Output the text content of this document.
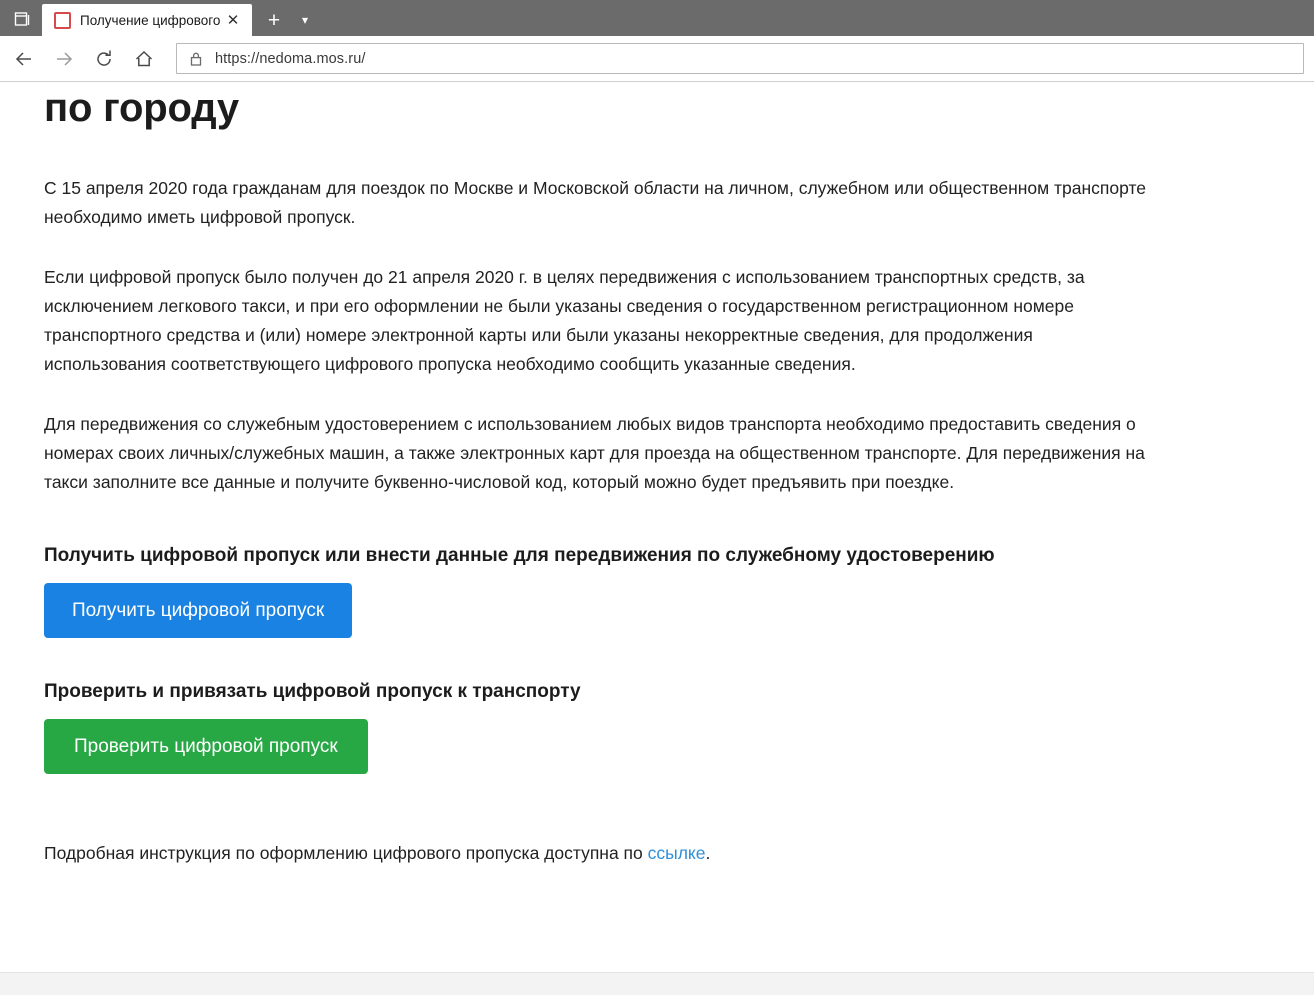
Получение цифрового ✕	+	▾
https://nedoma.mos.ru/
по городу

С 15 апреля 2020 года гражданам для поездок по Москве и Московской области на личном, служебном или общественном транспорте необходимо иметь цифровой пропуск.

Если цифровой пропуск было получен до 21 апреля 2020 г. в целях передвижения с использованием транспортных средств, за исключением легкового такси, и при его оформлении не были указаны сведения о государственном регистрационном номере транспортного средства и (или) номере электронной карты или были указаны некорректные сведения, для продолжения использования соответствующего цифрового пропуска необходимо сообщить указанные сведения.

Для передвижения со служебным удостоверением с использованием любых видов транспорта необходимо предоставить сведения о номерах своих личных/служебных машин, а также электронных карт для проезда на общественном транспорте. Для передвижения на такси заполните все данные и получите буквенно-числовой код, который можно будет предъявить при поездке.

Получить цифровой пропуск или внести данные для передвижения по служебному удостоверению
Получить цифровой пропуск
Проверить и привязать цифровой пропуск к транспорту
Проверить цифровой пропуск

Подробная инструкция по оформлению цифрового пропуска доступна по ссылке.
